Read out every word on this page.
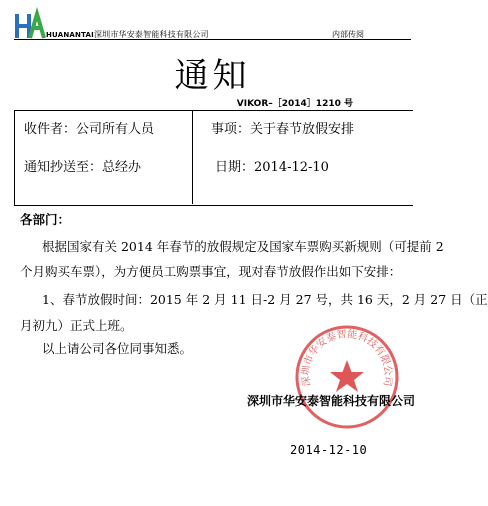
HUANANTAI深圳市华安泰智能科技有限公司	内部传阅
通知
VIKOR–［2014］1210 号
收件者：公司所有人员	事项：关于春节放假安排
通知抄送至：总经办	日期：2014-12-10
各部门：
根据国家有关 2014 年春节的放假规定及国家车票购买新规则（可提前 2
个月购买车票），为方便员工购票事宜，现对春节放假作出如下安排：
1、春节放假时间：2015 年 2 月 11 日-2 月 27 号，共 16 天，2 月 27 日（正
月初九）正式上班。
以上请公司各位同事知悉。
深圳市华安泰智能科技有限公司
深圳市华安泰智能科技有限公司
2014-12-10
